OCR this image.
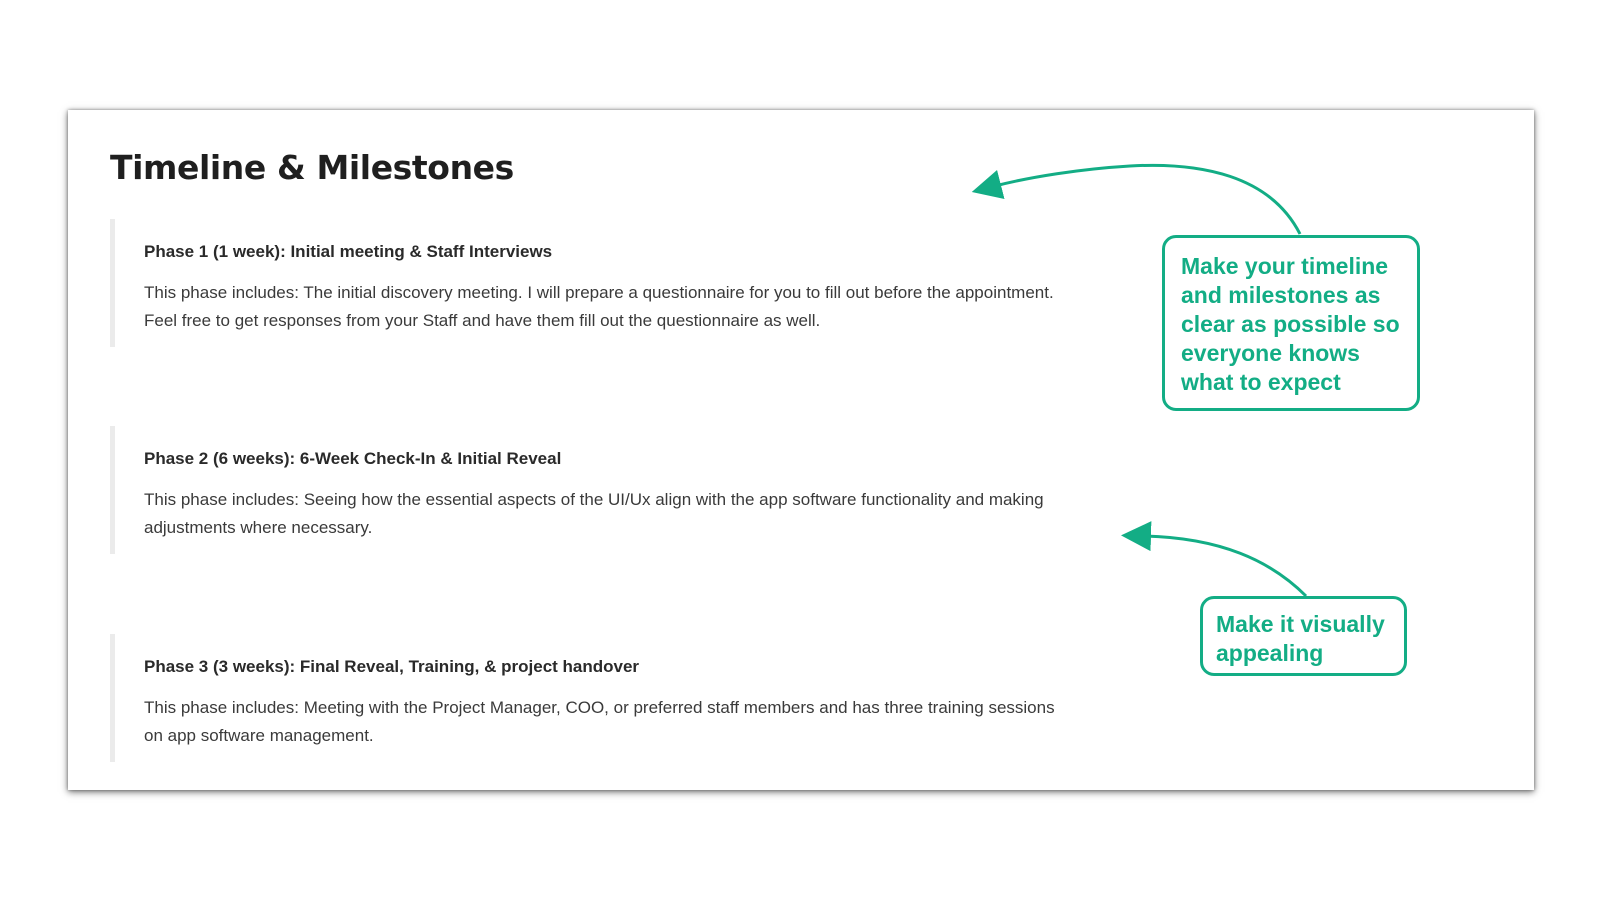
Timeline & Milestones

Phase 1 (1 week): Initial meeting & Staff Interviews

This phase includes: The initial discovery meeting. I will prepare a questionnaire for you to fill out before the appointment. Feel free to get responses from your Staff and have them fill out the questionnaire as well.

Phase 2 (6 weeks): 6-Week Check-In & Initial Reveal

This phase includes: Seeing how the essential aspects of the UI/Ux align with the app software functionality and making adjustments where necessary.

Phase 3 (3 weeks): Final Reveal, Training, & project handover

This phase includes: Meeting with the Project Manager, COO, or preferred staff members and has three training sessions on app software management.

Make your timeline and milestones as clear as possible so everyone knows what to expect
Make it visually appealing
